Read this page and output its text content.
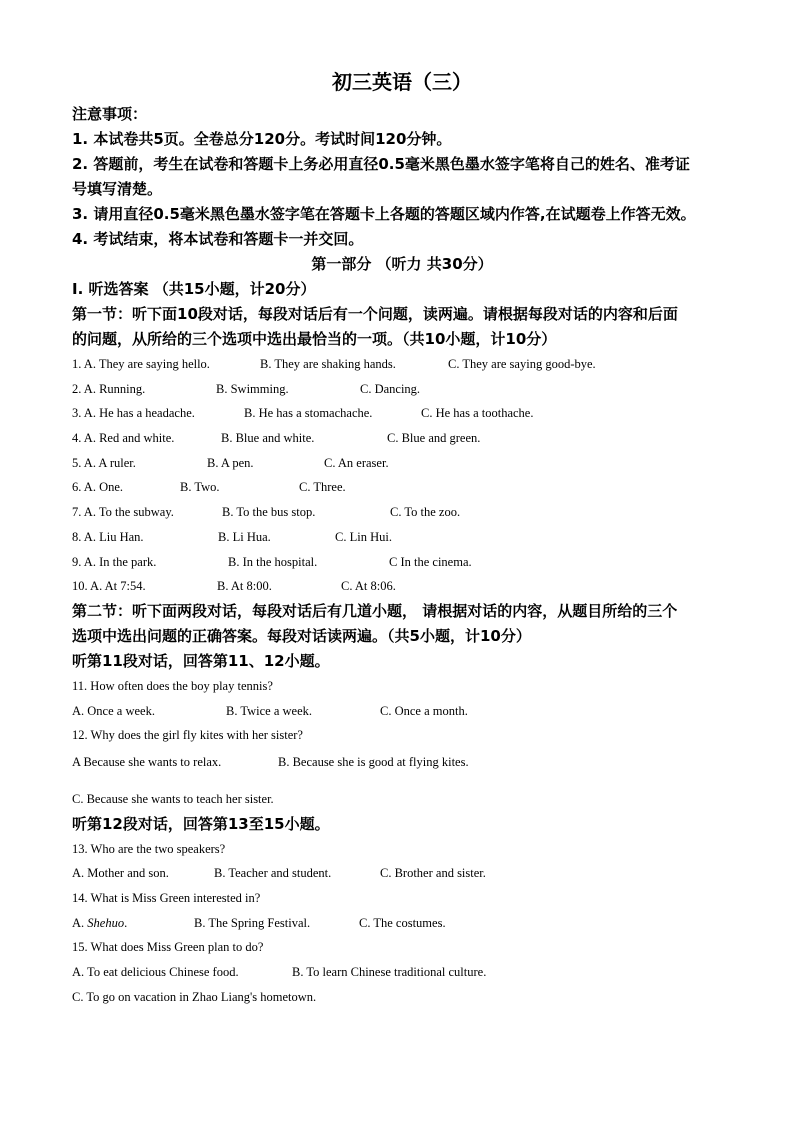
初三英语（三）
注意事项：
1. 本试卷共5页。全卷总分120分。考试时间120分钟。
2. 答题前，考生在试卷和答题卡上务必用直径0.5毫米黑色墨水签字笔将自己的姓名、准考证
号填写清楚。
3. 请用直径0.5毫米黑色墨水签字笔在答题卡上各题的答题区域内作答,在试题卷上作答无效。
4. 考试结束，将本试卷和答题卡一并交回。
第一部分 （听力 共30分）
I. 听选答案 （共15小题，计20分）
第一节：听下面10段对话，每段对话后有一个问题，读两遍。请根据每段对话的内容和后面
的问题，从所给的三个选项中选出最恰当的一项。（共10小题，计10分）
1. A. They are saying hello.	B. They are shaking hands.	C. They are saying good-bye.
2. A. Running.	B. Swimming.	C. Dancing.
3. A. He has a headache.	B. He has a stomachache.	C. He has a toothache.
4. A. Red and white.	B. Blue and white.	C. Blue and green.
5. A. A ruler.	B. A pen.	C. An eraser.
6. A. One.	B. Two.	C. Three.
7. A. To the subway.	B. To the bus stop.	C. To the zoo.
8. A. Liu Han.	B. Li Hua.	C. Lin Hui.
9. A. In the park.	B. In the hospital.	C In the cinema.
10. A. At 7:54.	B. At 8:00.	C. At 8:06.
第二节：听下面两段对话，每段对话后有几道小题， 请根据对话的内容，从题目所给的三个
选项中选出问题的正确答案。每段对话读两遍。（共5小题，计10分）
听第11段对话，回答第11、12小题。
11. How often does the boy play tennis?
A. Once a week.	B. Twice a week.	C. Once a month.
12. Why does the girl fly kites with her sister?
A Because she wants to relax.	B. Because she is good at flying kites.
C. Because she wants to teach her sister.
听第12段对话，回答第13至15小题。
13. Who are the two speakers?
A. Mother and son.	B. Teacher and student.	C. Brother and sister.
14. What is Miss Green interested in?
A. Shehuo.	B. The Spring Festival.	C. The costumes.
15. What does Miss Green plan to do?
A. To eat delicious Chinese food.	B. To learn Chinese traditional culture.
C. To go on vacation in Zhao Liang's hometown.
